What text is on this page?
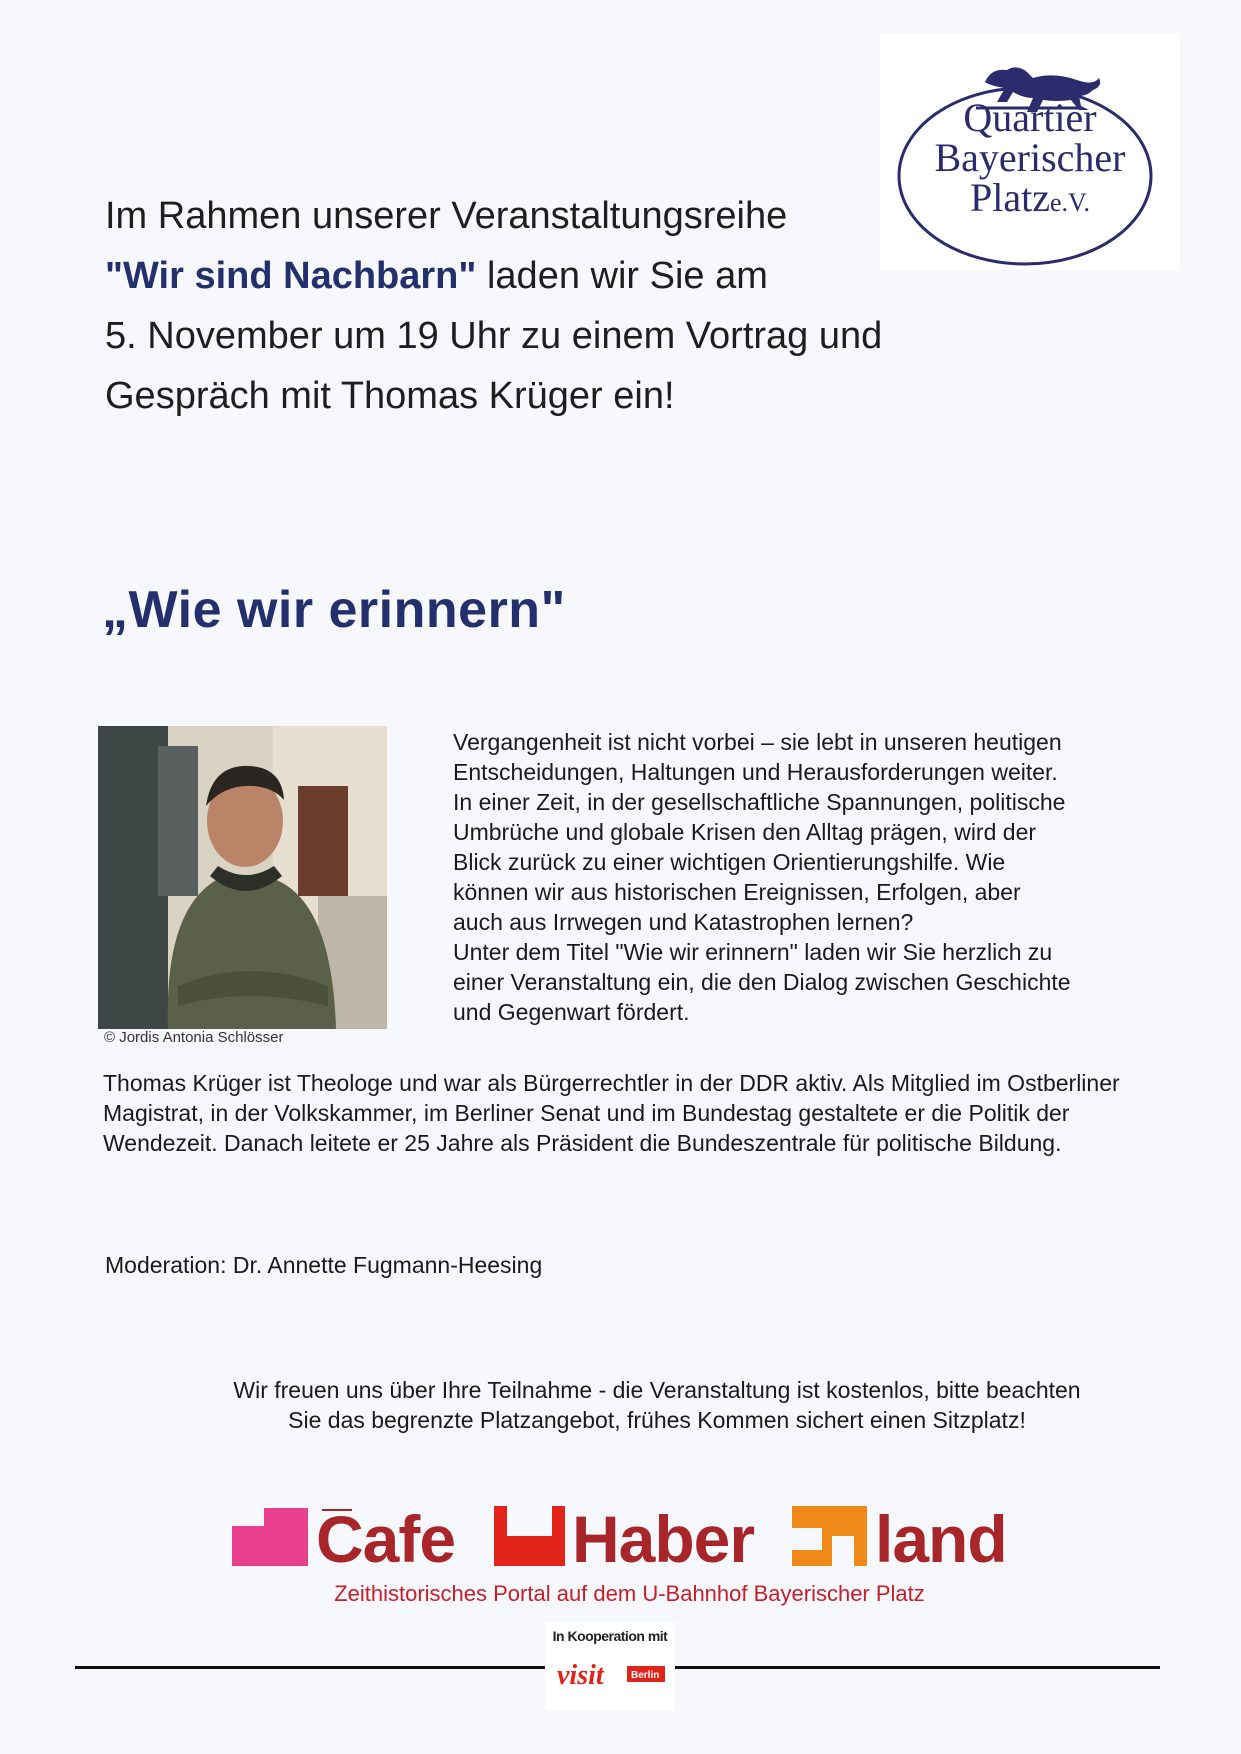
Quartier
Bayerischer
Platze.V.

Im Rahmen unserer Veranstaltungsreihe

"Wir sind Nachbarn" laden wir Sie am

5. November um 19 Uhr zu einem Vortrag und

Gespräch mit Thomas Krüger ein!

„Wie wir erinnern"
© Jordis Antonia Schlösser
Vergangenheit ist nicht vorbei – sie lebt in unseren heutigen
Entscheidungen, Haltungen und Herausforderungen weiter.
In einer Zeit, in der gesellschaftliche Spannungen, politische
Umbrüche und globale Krisen den Alltag prägen, wird der
Blick zurück zu einer wichtigen Orientierungshilfe. Wie
können wir aus historischen Ereignissen, Erfolgen, aber
auch aus Irrwegen und Katastrophen lernen?
Unter dem Titel "Wie wir erinnern" laden wir Sie herzlich zu
einer Veranstaltung ein, die den Dialog zwischen Geschichte
und Gegenwart fördert.
Thomas Krüger ist Theologe und war als Bürgerrechtler in der DDR aktiv. Als Mitglied im Ostberliner Magistrat, in der Volkskammer, im Berliner Senat und im Bundestag gestaltete er die Politik der Wendezeit. Danach leitete er 25 Jahre als Präsident die Bundeszentrale für politische Bildung.
Moderation: Dr. Annette Fugmann-Heesing
Wir freuen uns über Ihre Teilnahme - die Veranstaltung ist kostenlos, bitte beachten
Sie das begrenzte Platzangebot, frühes Kommen sichert einen Sitzplatz!
Cafe Haber land
Zeithistorisches Portal auf dem U-Bahnhof Bayerischer Platz
In Kooperation mit
visit	Berlin
